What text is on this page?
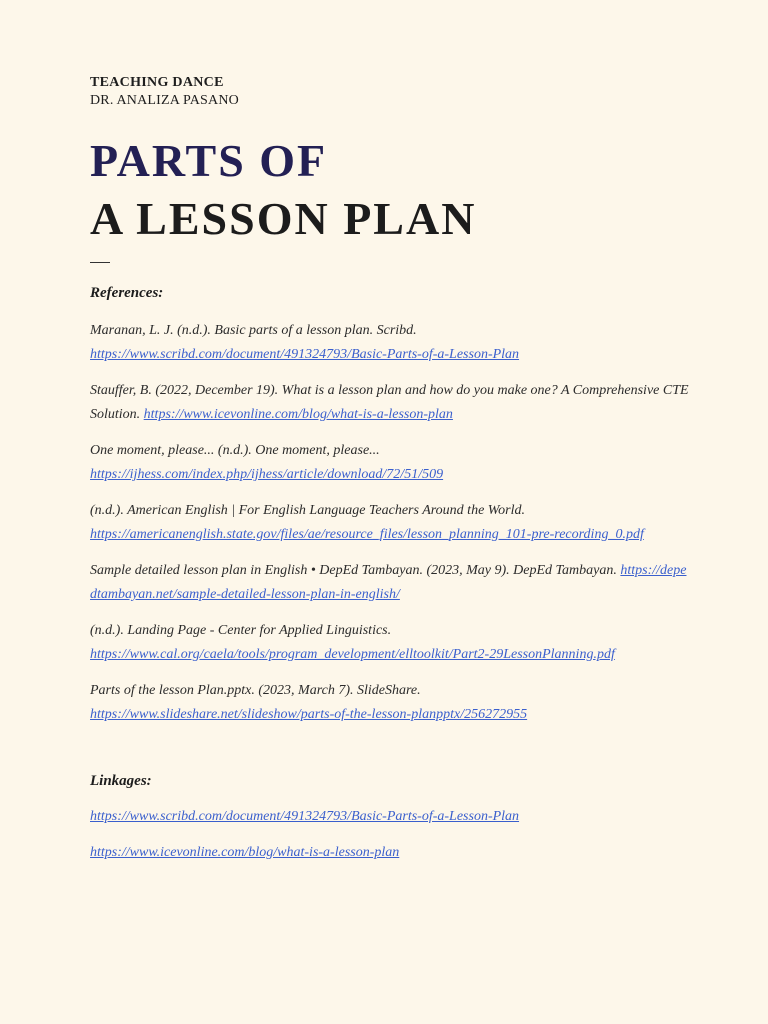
TEACHING DANCE
DR. ANALIZA PASANO
PARTS OF
A LESSON PLAN
References:
Maranan, L. J. (n.d.). Basic parts of a lesson plan. Scribd.
https://www.scribd.com/document/491324793/Basic-Parts-of-a-Lesson-Plan
Stauffer, B. (2022, December 19). What is a lesson plan and how do you make one? A Comprehensive CTE Solution. https://www.icevonline.com/blog/what-is-a-lesson-plan
One moment, please... (n.d.). One moment, please...
https://ijhess.com/index.php/ijhess/article/download/72/51/509
(n.d.). American English | For English Language Teachers Around the World.
https://americanenglish.state.gov/files/ae/resource_files/lesson_planning_101-pre-recording_0.pdf
Sample detailed lesson plan in English • DepEd Tambayan. (2023, May 9). DepEd Tambayan. https://depedtambayan.net/sample-detailed-lesson-plan-in-english/
(n.d.). Landing Page - Center for Applied Linguistics.
https://www.cal.org/caela/tools/program_development/elltoolkit/Part2-29LessonPlanning.pdf
Parts of the lesson Plan.pptx. (2023, March 7). SlideShare.
https://www.slideshare.net/slideshow/parts-of-the-lesson-planpptx/256272955
Linkages:
https://www.scribd.com/document/491324793/Basic-Parts-of-a-Lesson-Plan
https://www.icevonline.com/blog/what-is-a-lesson-plan
